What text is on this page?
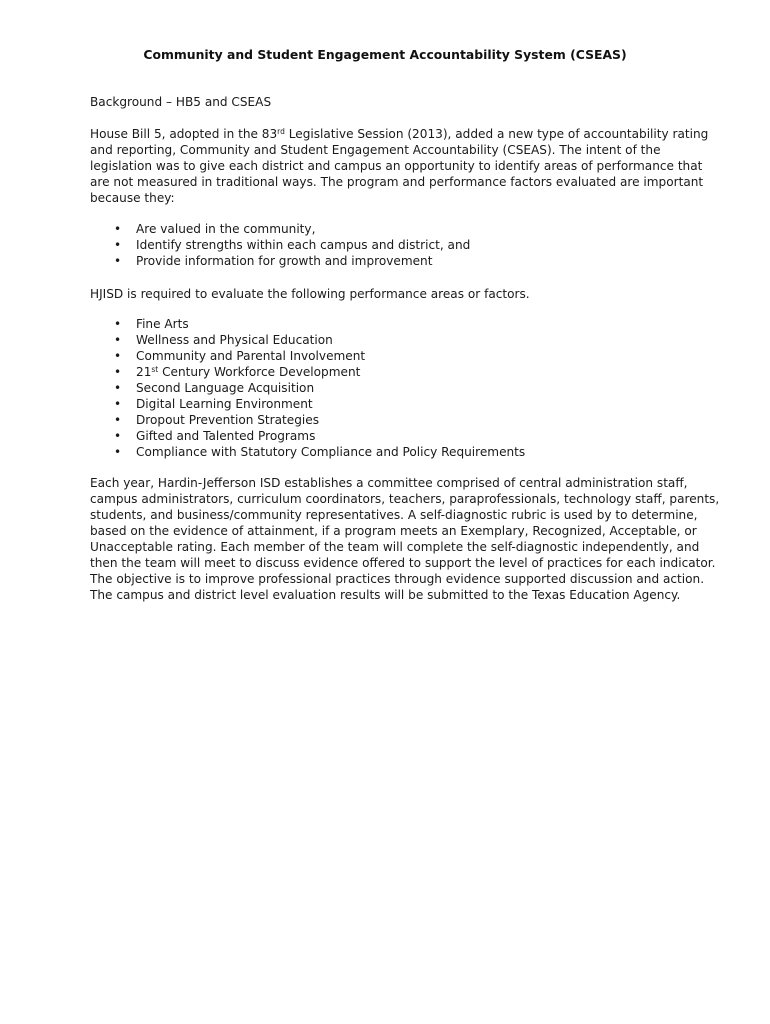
Community and Student Engagement Accountability System (CSEAS)
Background – HB5 and CSEAS

House Bill 5, adopted in the 83rd Legislative Session (2013), added a new type of accountability rating and reporting, Community and Student Engagement Accountability (CSEAS). The intent of the legislation was to give each district and campus an opportunity to identify areas of performance that are not measured in traditional ways. The program and performance factors evaluated are important because they:

• Are valued in the community,
• Identify strengths within each campus and district, and
• Provide information for growth and improvement
HJISD is required to evaluate the following performance areas or factors.
• Fine Arts
• Wellness and Physical Education
• Community and Parental Involvement
• 21st Century Workforce Development
• Second Language Acquisition
• Digital Learning Environment
• Dropout Prevention Strategies
• Gifted and Talented Programs
• Compliance with Statutory Compliance and Policy Requirements

Each year, Hardin-Jefferson ISD establishes a committee comprised of central administration staff, campus administrators, curriculum coordinators, teachers, paraprofessionals, technology staff, parents, students, and business/community representatives. A self-diagnostic rubric is used by to determine, based on the evidence of attainment, if a program meets an Exemplary, Recognized, Acceptable, or Unacceptable rating. Each member of the team will complete the self-diagnostic independently, and then the team will meet to discuss evidence offered to support the level of practices for each indicator. The objective is to improve professional practices through evidence supported discussion and action. The campus and district level evaluation results will be submitted to the Texas Education Agency.
